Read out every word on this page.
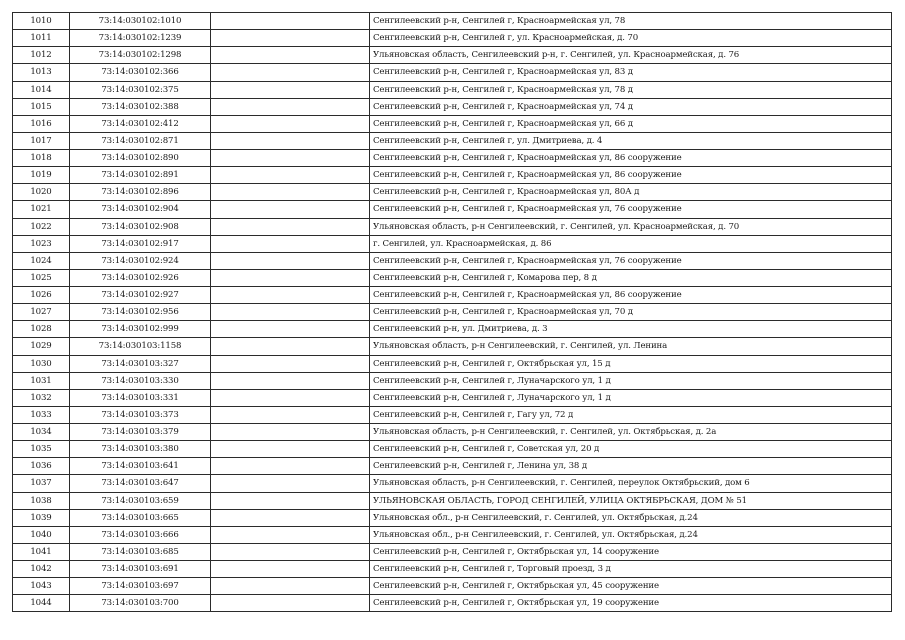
1010	73:14:030102:1010		Сенгилеевский р-н, Сенгилей г, Красноармейская ул, 78
1011	73:14:030102:1239		Сенгилеевский р-н, Сенгилей г, ул. Красноармейская, д. 70
1012	73:14:030102:1298		Ульяновская область, Сенгилеевский р-н, г. Сенгилей, ул. Красноармейская, д. 76
1013	73:14:030102:366		Сенгилеевский р-н, Сенгилей г, Красноармейская ул, 83 д
1014	73:14:030102:375		Сенгилеевский р-н, Сенгилей г, Красноармейская ул, 78 д
1015	73:14:030102:388		Сенгилеевский р-н, Сенгилей г, Красноармейская ул, 74 д
1016	73:14:030102:412		Сенгилеевский р-н, Сенгилей г, Красноармейская ул, 66 д
1017	73:14:030102:871		Сенгилеевский р-н, Сенгилей г, ул. Дмитриева, д. 4
1018	73:14:030102:890		Сенгилеевский р-н, Сенгилей г, Красноармейская ул, 86 сооружение
1019	73:14:030102:891		Сенгилеевский р-н, Сенгилей г, Красноармейская ул, 86 сооружение
1020	73:14:030102:896		Сенгилеевский р-н, Сенгилей г, Красноармейская ул, 80А д
1021	73:14:030102:904		Сенгилеевский р-н, Сенгилей г, Красноармейская ул, 76 сооружение
1022	73:14:030102:908		Ульяновская область, р-н Сенгилеевский, г. Сенгилей, ул. Красноармейская, д. 70
1023	73:14:030102:917		г. Сенгилей, ул. Красноармейская, д. 86
1024	73:14:030102:924		Сенгилеевский р-н, Сенгилей г, Красноармейская ул, 76 сооружение
1025	73:14:030102:926		Сенгилеевский р-н, Сенгилей г, Комарова пер, 8 д
1026	73:14:030102:927		Сенгилеевский р-н, Сенгилей г, Красноармейская ул, 86 сооружение
1027	73:14:030102:956		Сенгилеевский р-н, Сенгилей г, Красноармейская ул, 70 д
1028	73:14:030102:999		Сенгилеевский р-н, ул. Дмитриева, д. 3
1029	73:14:030103:1158		Ульяновская область, р-н Сенгилеевский, г. Сенгилей, ул. Ленина
1030	73:14:030103:327		Сенгилеевский р-н, Сенгилей г, Октябрьская ул, 15 д
1031	73:14:030103:330		Сенгилеевский р-н, Сенгилей г, Луначарского ул, 1 д
1032	73:14:030103:331		Сенгилеевский р-н, Сенгилей г, Луначарского ул, 1 д
1033	73:14:030103:373		Сенгилеевский р-н, Сенгилей г, Гагу ул, 72 д
1034	73:14:030103:379		Ульяновская область, р-н Сенгилеевский, г. Сенгилей, ул. Октябрьская, д. 2а
1035	73:14:030103:380		Сенгилеевский р-н, Сенгилей г, Советская ул, 20 д
1036	73:14:030103:641		Сенгилеевский р-н, Сенгилей г, Ленина ул, 38 д
1037	73:14:030103:647		Ульяновская область, р-н Сенгилеевский, г. Сенгилей, переулок Октябрьский, дом 6
1038	73:14:030103:659		УЛЬЯНОВСКАЯ ОБЛАСТЬ, ГОРОД СЕНГИЛЕЙ, УЛИЦА ОКТЯБРЬСКАЯ, ДОМ № 51
1039	73:14:030103:665		Ульяновская обл., р-н Сенгилеевский, г. Сенгилей, ул. Октябрьская, д.24
1040	73:14:030103:666		Ульяновская обл., р-н Сенгилеевский, г. Сенгилей, ул. Октябрьская, д.24
1041	73:14:030103:685		Сенгилеевский р-н, Сенгилей г, Октябрьская ул, 14 сооружение
1042	73:14:030103:691		Сенгилеевский р-н, Сенгилей г, Торговый проезд, 3 д
1043	73:14:030103:697		Сенгилеевский р-н, Сенгилей г, Октябрьская ул, 45 сооружение
1044	73:14:030103:700		Сенгилеевский р-н, Сенгилей г, Октябрьская ул, 19 сооружение
